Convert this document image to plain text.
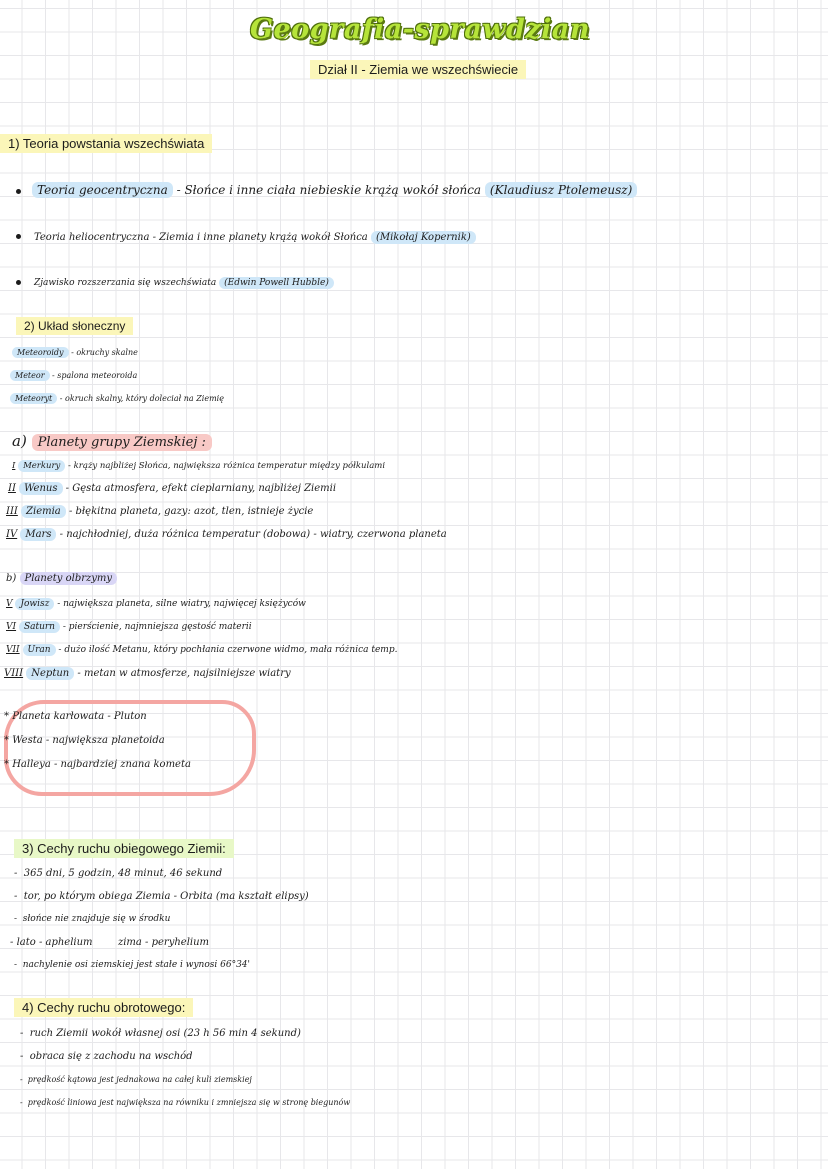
Geografia-sprawdzian
Dział II - Ziemia we wszechświecie
1) Teoria powstania wszechświata
Teoria geocentryczna - Słońce i inne ciała niebieskie krążą wokół słońca (Klaudiusz Ptolemeusz)
Teoria heliocentryczna - Ziemia i inne planety krążą wokół Słońca (Mikołaj Kopernik)
Zjawisko rozszerzania się wszechświata (Edwin Powell Hubble)
2) Układ słoneczny
Meteoroidy - okruchy skalne
Meteor - spalona meteoroida
Meteoryt - okruch skalny, który doleciał na Ziemię
a) Planety grupy Ziemskiej :
I Merkury - krąży najbliżej Słońca, największa różnica temperatur między półkulami
II Wenus - Gęsta atmosfera, efekt cieplarniany, najbliżej Ziemii
III Ziemia - błękitna planeta, gazy: azot, tlen, istnieje życie
IV Mars - najchłodniej, duża różnica temperatur (dobowa) - wiatry, czerwona planeta
b) Planety olbrzymy
V Jowisz - największa planeta, silne wiatry, najwięcej księżyców
VI Saturn - pierścienie, najmniejsza gęstość materii
VII Uran - dużo ilość Metanu, który pochłania czerwone widmo, mała różnica temp.
VIII Neptun - metan w atmosferze, najsilniejsze wiatry
* Planeta karłowata - Pluton
* Westa - największa planetoida
* Halleya - najbardziej znana kometa
3) Cechy ruchu obiegowego Ziemii:
-  365 dni, 5 godzin, 48 minut, 46 sekund
-  tor, po którym obiega Ziemia - Orbita (ma kształt elipsy)
-  słońce nie znajduje się w środku
- lato - aphelium        zima - peryhelium
-  nachylenie osi ziemskiej jest stałe i wynosi 66°34'
4) Cechy ruchu obrotowego:
-  ruch Ziemii wokół własnej osi (23 h 56 min 4 sekund)
-  obraca się z zachodu na wschód
-  prędkość kątowa jest jednakowa na całej kuli ziemskiej
-  prędkość liniowa jest największa na równiku i zmniejsza się w stronę biegunów
